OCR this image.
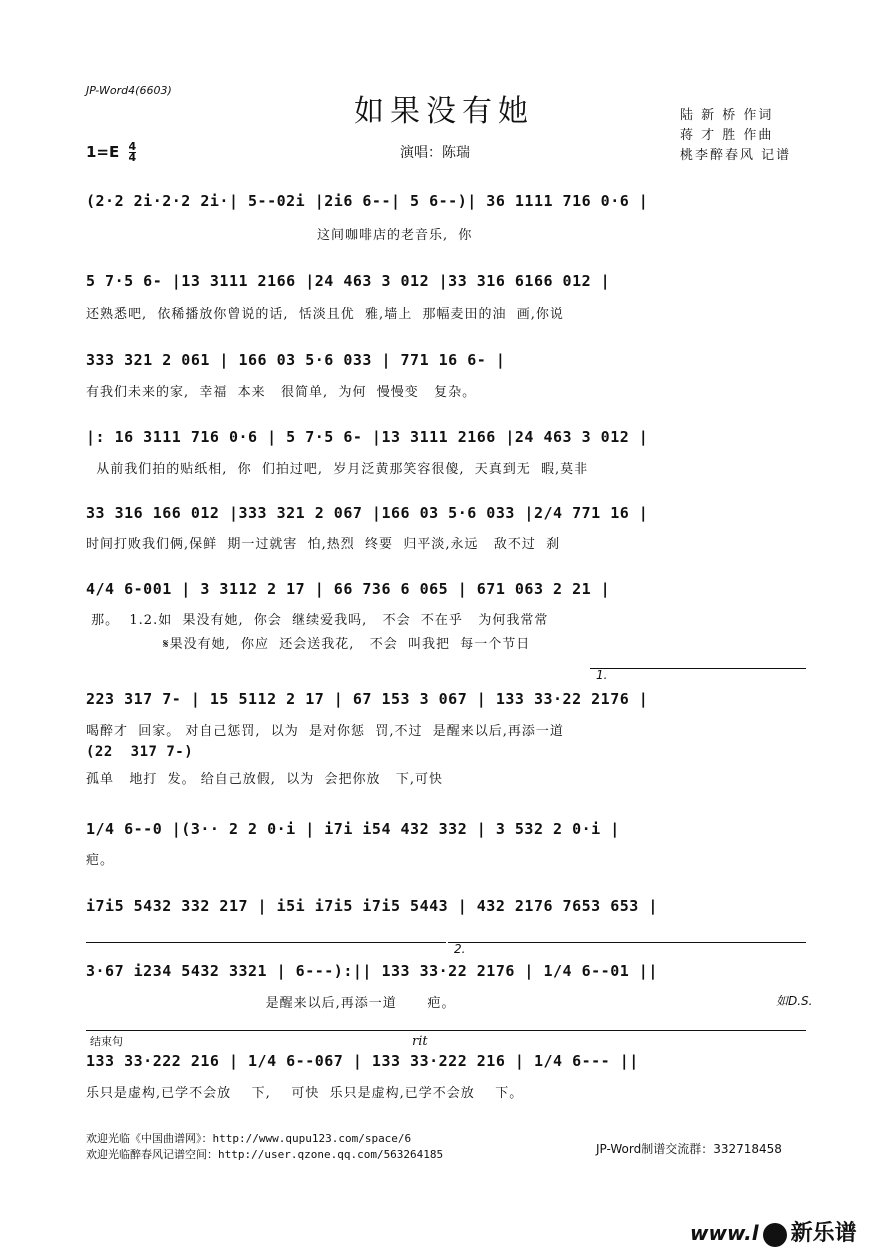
JP-Word4(6603)
如果没有她
$1=E \frac{4}{4}$	演唱：陈瑞
陆 新 桥 作词
蒋 才 胜 作曲
桃李醉春风 记谱
(2·2 2i·2·2 2i·| 5--02i |2i6 6--| 5 6--)| 36 1111 716 0·6 |
这间咖啡店的老音乐,  你
5 7·5 6- |13 3111 2166 |24 463 3 012 |33 316 6166 012 |
还熟悉吧,  依稀播放你曾说的话,  恬淡且优  雅,墙上  那幅麦田的油  画,你说
333 321 2 061 | 166 03 5·6 033 | 771 16 6- |
有我们未来的家,  幸福  本来   很简单,  为何  慢慢变   复杂。
|: 16 3111 716 0·6 | 5 7·5 6- |13 3111 2166 |24 463 3 012 |
从前我们拍的贴纸相,  你  们拍过吧,  岁月泛黄那笑容很傻,  天真到无  暇,莫非
33 316 166 012 |333 321 2 067 |166 03 5·6 033 |2/4 771 16 |
时间打败我们俩,保鲜  期一过就害  怕,热烈  终要  归平淡,永远   敌不过  刹
4/4 6-001 | 3 3112 2 17 | 66 736 6 065 | 671 063 2 21 |
那。  1.2.如  果没有她,  你会  继续爱我吗,   不会  不在乎   为何我常常
𝄋果没有她,  你应  还会送我花,   不会  叫我把  每一个节日
1.
223 317 7- | 15 5112 2 17 | 67 153 3 067 | 133 33·22 2176 |
喝醉才  回家。 对自己惩罚,  以为  是对你惩  罚,不过  是醒来以后,再添一道
(22  317 7-)
孤单   地打  发。 给自己放假,  以为  会把你放   下,可快
1/4 6--0 |(3·· 2 2 0·i | i7i i54 432 332 | 3 532 2 0·i |
疤。
i7i5 5432 332 217 | i5i i7i5 i7i5 5443 | 432 2176 7653 653 |
2.
3·67 i234 5432 3321 | 6---):|| 133 33·22 2176 | 1/4 6--01 ||
是醒来以后,再添一道      疤。	如D.S.
结束句	rit
133 33·222 216 | 1/4 6--067 | 133 33·222 216 | 1/4 6--- ||
乐只是虚构,已学不会放    下,    可快  乐只是虚构,已学不会放    下。
欢迎光临《中国曲谱网》：http://www.qupu123.com/space/6
欢迎光临醉春风记谱空间：http://user.qzone.qq.com/563264185	JP-Word制谱交流群：332718458
www.l 新乐谱
